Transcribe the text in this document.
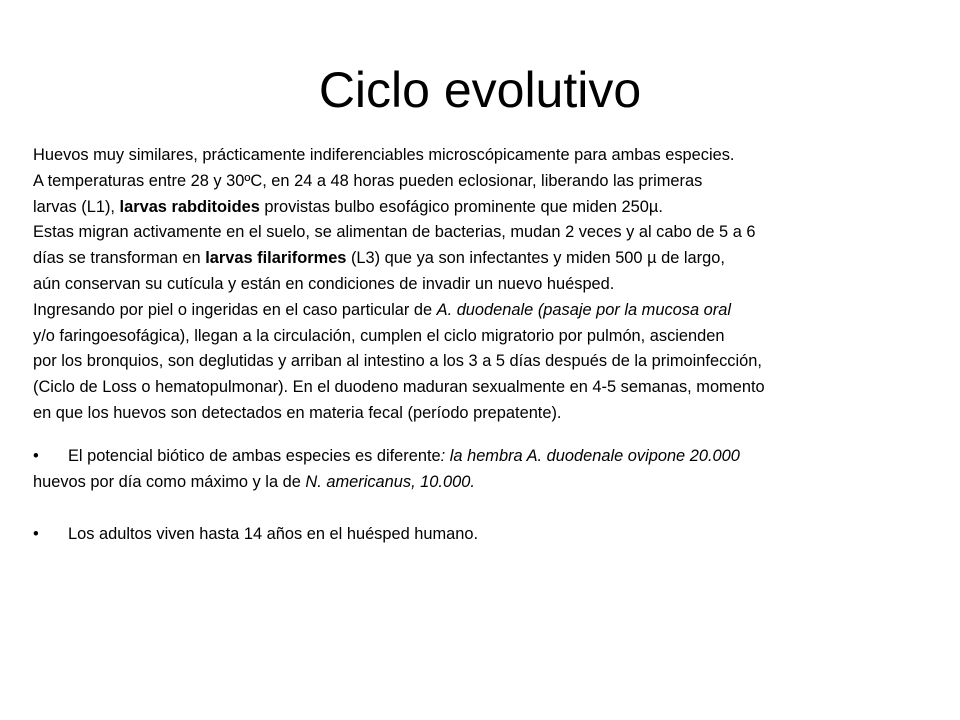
Ciclo evolutivo
Huevos muy similares, prácticamente indiferenciables microscópicamente para ambas especies.
A temperaturas entre 28 y 30ºC, en 24 a 48 horas pueden eclosionar, liberando las primeras
larvas (L1), larvas rabditoides provistas bulbo esofágico prominente que miden 250µ.
Estas migran activamente en el suelo, se alimentan de bacterias, mudan 2 veces y al cabo de 5 a 6
días se transforman en larvas filariformes (L3) que ya son infectantes y miden 500 µ de largo,
aún conservan su cutícula y están en condiciones de invadir un nuevo huésped.
Ingresando por piel o ingeridas en el caso particular de A. duodenale (pasaje por la mucosa oral
y/o faringoesofágica), llegan a la circulación, cumplen el ciclo migratorio por pulmón, ascienden
por los bronquios, son deglutidas y arriban al intestino a los 3 a 5 días después de la primoinfección,
(Ciclo de Loss o hematopulmonar). En el duodeno maduran sexualmente en 4-5 semanas, momento
en que los huevos son detectados en materia fecal (período prepatente).
• El potencial biótico de ambas especies es diferente: la hembra A. duodenale ovipone 20.000
huevos por día como máximo y la de N. americanus, 10.000.
• Los adultos viven hasta 14 años en el huésped humano.
